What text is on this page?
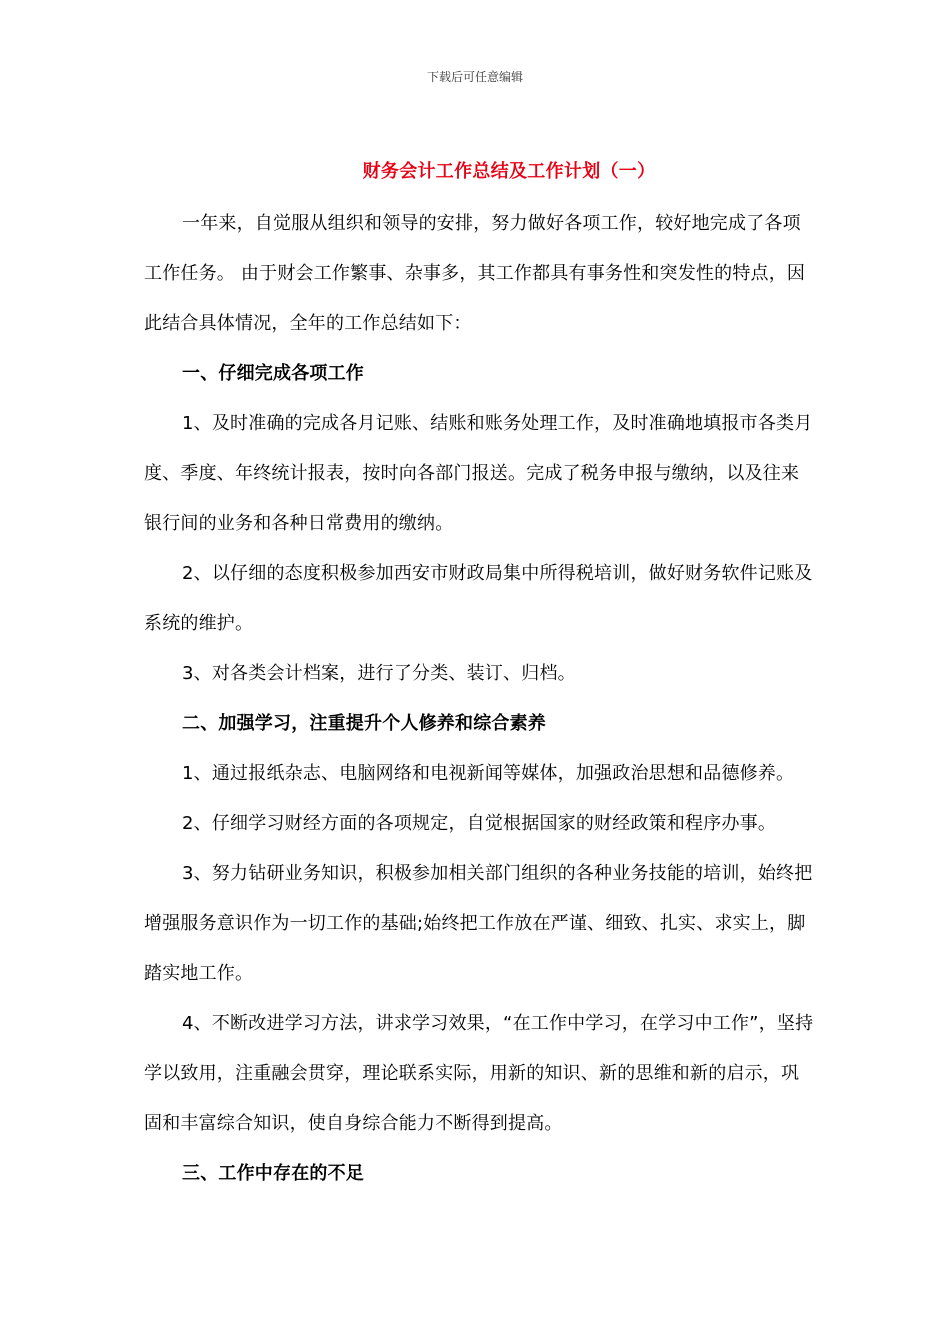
下载后可任意编辑
财务会计工作总结及工作计划（一）

一年来，自觉服从组织和领导的安排，努力做好各项工作，较好地完成了各项工作任务。 由于财会工作繁事、杂事多，其工作都具有事务性和突发性的特点，因此结合具体情况，全年的工作总结如下：

一、仔细完成各项工作

1、及时准确的完成各月记账、结账和账务处理工作，及时准确地填报市各类月度、季度、年终统计报表，按时向各部门报送。完成了税务申报与缴纳，以及往来银行间的业务和各种日常费用的缴纳。

2、以仔细的态度积极参加西安市财政局集中所得税培训，做好财务软件记账及系统的维护。

3、对各类会计档案，进行了分类、装订、归档。

二、加强学习，注重提升个人修养和综合素养

1、通过报纸杂志、电脑网络和电视新闻等媒体，加强政治思想和品德修养。

2、仔细学习财经方面的各项规定，自觉根据国家的财经政策和程序办事。

3、努力钻研业务知识，积极参加相关部门组织的各种业务技能的培训，始终把增强服务意识作为一切工作的基础;始终把工作放在严谨、细致、扎实、求实上，脚踏实地工作。

4、不断改进学习方法，讲求学习效果，“在工作中学习，在学习中工作”，坚持学以致用，注重融会贯穿，理论联系实际，用新的知识、新的思维和新的启示，巩固和丰富综合知识，使自身综合能力不断得到提高。

三、工作中存在的不足
